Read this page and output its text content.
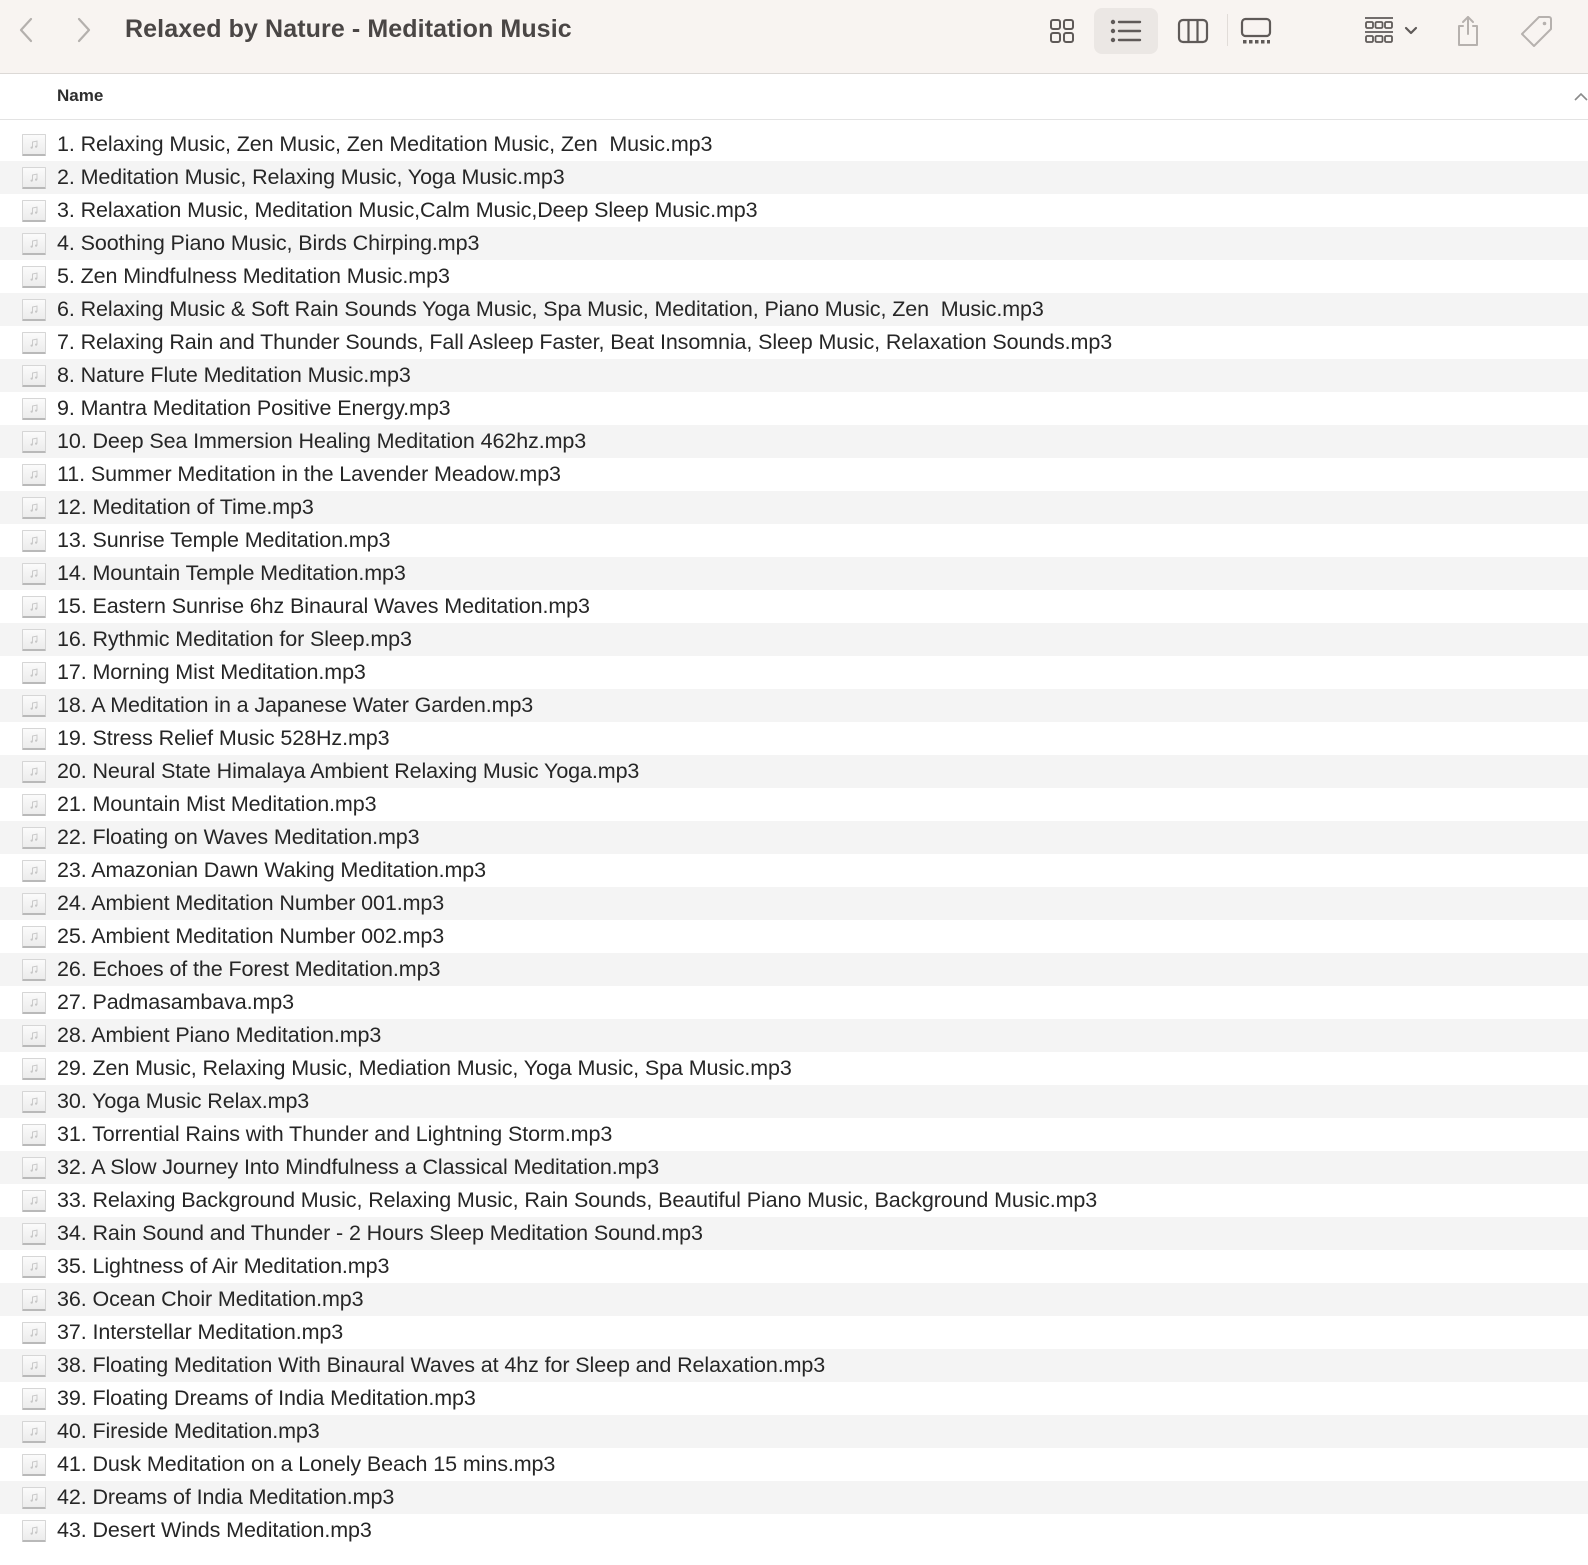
Relaxed by Nature - Meditation Music
Name
1. Relaxing Music, Zen Music, Zen Meditation Music, Zen  Music.mp3
2. Meditation Music, Relaxing Music, Yoga Music.mp3
3. Relaxation Music, Meditation Music,Calm Music,Deep Sleep Music.mp3
4. Soothing Piano Music, Birds Chirping.mp3
5. Zen Mindfulness Meditation Music.mp3
6. Relaxing Music & Soft Rain Sounds Yoga Music, Spa Music, Meditation, Piano Music, Zen  Music.mp3
7. Relaxing Rain and Thunder Sounds, Fall Asleep Faster, Beat Insomnia, Sleep Music, Relaxation Sounds.mp3
8. Nature Flute Meditation Music.mp3
9. Mantra Meditation Positive Energy.mp3
10. Deep Sea Immersion Healing Meditation 462hz.mp3
11. Summer Meditation in the Lavender Meadow.mp3
12. Meditation of Time.mp3
13. Sunrise Temple Meditation.mp3
14. Mountain Temple Meditation.mp3
15. Eastern Sunrise 6hz Binaural Waves Meditation.mp3
16. Rythmic Meditation for Sleep.mp3
17. Morning Mist Meditation.mp3
18. A Meditation in a Japanese Water Garden.mp3
19. Stress Relief Music 528Hz.mp3
20. Neural State Himalaya Ambient Relaxing Music Yoga.mp3
21. Mountain Mist Meditation.mp3
22. Floating on Waves Meditation.mp3
23. Amazonian Dawn Waking Meditation.mp3
24. Ambient Meditation Number 001.mp3
25. Ambient Meditation Number 002.mp3
26. Echoes of the Forest Meditation.mp3
27. Padmasambava.mp3
28. Ambient Piano Meditation.mp3
29. Zen Music, Relaxing Music, Mediation Music, Yoga Music, Spa Music.mp3
30. Yoga Music Relax.mp3
31. Torrential Rains with Thunder and Lightning Storm.mp3
32. A Slow Journey Into Mindfulness a Classical Meditation.mp3
33. Relaxing Background Music, Relaxing Music, Rain Sounds, Beautiful Piano Music, Background Music.mp3
34. Rain Sound and Thunder - 2 Hours Sleep Meditation Sound.mp3
35. Lightness of Air Meditation.mp3
36. Ocean Choir Meditation.mp3
37. Interstellar Meditation.mp3
38. Floating Meditation With Binaural Waves at 4hz for Sleep and Relaxation.mp3
39. Floating Dreams of India Meditation.mp3
40. Fireside Meditation.mp3
41. Dusk Meditation on a Lonely Beach 15 mins.mp3
42. Dreams of India Meditation.mp3
43. Desert Winds Meditation.mp3
